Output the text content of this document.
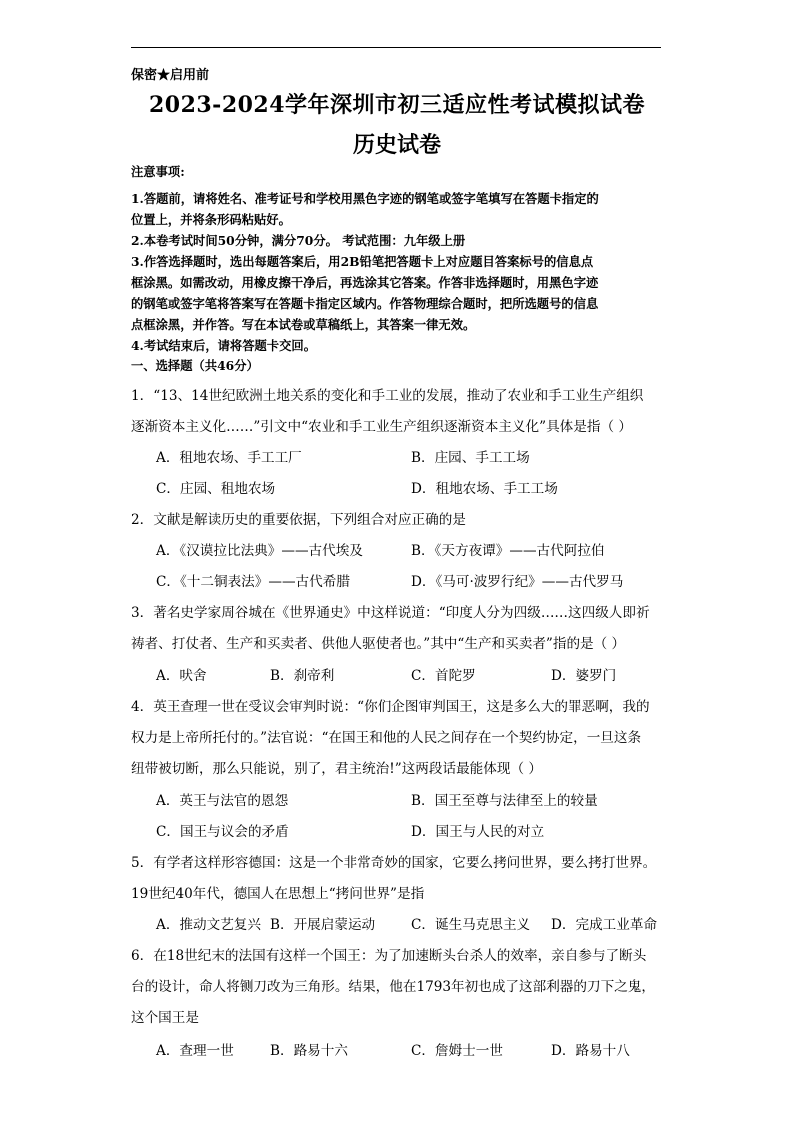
保密★启用前
2023-2024学年深圳市初三适应性考试模拟试卷
历史试卷
注意事项:
1.答题前，请将姓名、准考证号和学校用黑色字迹的钢笔或签字笔填写在答题卡指定的
位置上，并将条形码粘贴好。
2.本卷考试时间50分钟，满分70分。 考试范围：九年级上册
3.作答选择题时，选出每题答案后，用2B铅笔把答题卡上对应题目答案标号的信息点
框涂黑。如需改动，用橡皮擦干净后，再选涂其它答案。作答非选择题时，用黑色字迹
的钢笔或签字笔将答案写在答题卡指定区域内。作答物理综合题时，把所选题号的信息
点框涂黑，并作答。写在本试卷或草稿纸上，其答案一律无效。
4.考试结束后，请将答题卡交回。
一、选择题（共46分）
1．“13、14世纪欧洲土地关系的变化和手工业的发展，推动了农业和手工业生产组织
逐渐资本主义化……”引文中“农业和手工业生产组织逐渐资本主义化”具体是指（ ）
A．租地农场、手工工厂	B．庄园、手工工场
C．庄园、租地农场	D．租地农场、手工工场
2．文献是解读历史的重要依据，下列组合对应正确的是
A．《汉谟拉比法典》——古代埃及	B．《天方夜谭》——古代阿拉伯
C．《十二铜表法》——古代希腊	D．《马可·波罗行纪》——古代罗马
3．著名史学家周谷城在《世界通史》中这样说道：“印度人分为四级……这四级人即祈
祷者、打仗者、生产和买卖者、供他人驱使者也。”其中“生产和买卖者”指的是（ ）
A．吠舍	B．刹帝利	C．首陀罗	D．婆罗门
4．英王查理一世在受议会审判时说：“你们企图审判国王，这是多么大的罪恶啊，我的
权力是上帝所托付的。”法官说：“在国王和他的人民之间存在一个契约协定，一旦这条
纽带被切断，那么只能说，别了，君主统治!”这两段话最能体现（ ）
A．英王与法官的恩怨	B．国王至尊与法律至上的较量
C．国王与议会的矛盾	D．国王与人民的对立
5．有学者这样形容德国：这是一个非常奇妙的国家，它要么拷问世界，要么拷打世界。
19世纪40年代，德国人在思想上“拷问世界”是指
A．推动文艺复兴 B．开展启蒙运动	C．诞生马克思主义 D．完成工业革命
6．在18世纪末的法国有这样一个国王：为了加速断头台杀人的效率，亲自参与了断头
台的设计，命人将铡刀改为三角形。结果，他在1793年初也成了这部利器的刀下之鬼，
这个国王是
A．查理一世	B．路易十六	C．詹姆士一世	D．路易十八
